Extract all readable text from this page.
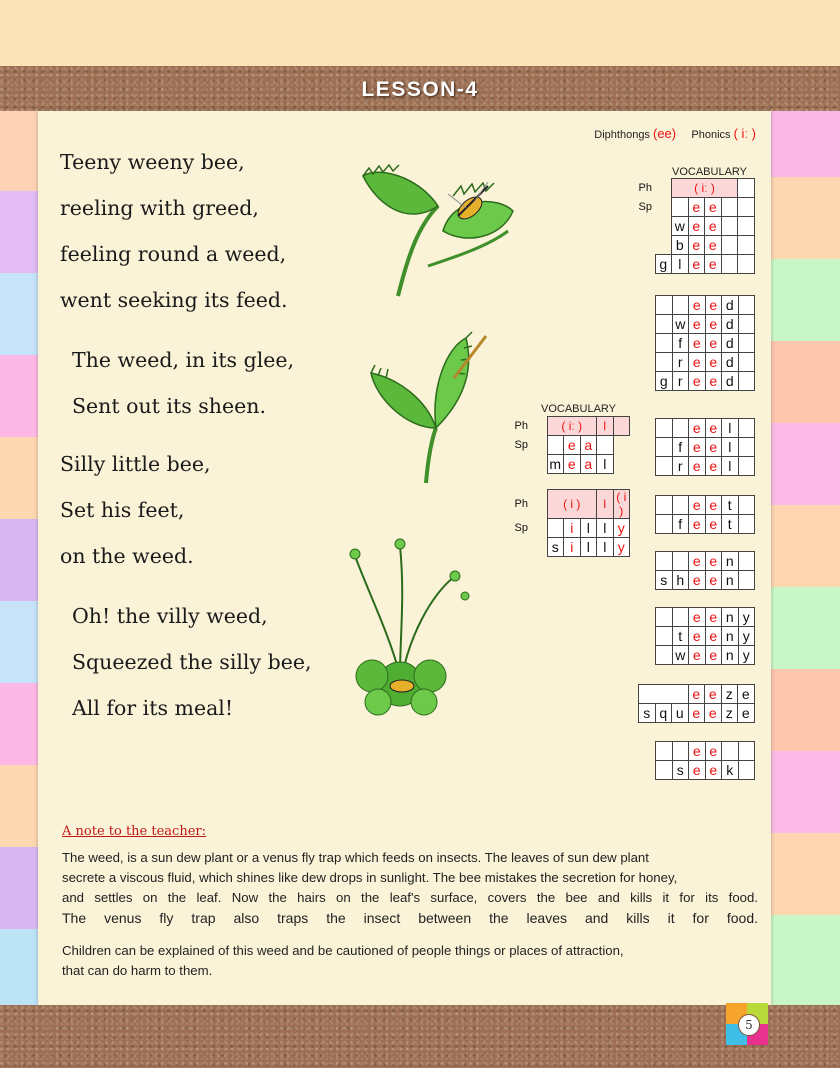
LESSON-4
Diphthongs (ee) Phonics ( iː )
Teeny weeny bee,
reeling with greed,
feeling round a weed,
went seeking its feed.
The weed, in its glee,
Sent out its sheen.
Silly little bee,
Set his feet,
on the weed.
Oh! the villy weed,
Squeezed the silly bee,
All for its meal!
VOCABULARY
Ph		( iː )				
Sp			e	e		
		w	e	e		
		b	e	e		
	g	l	e	e		
		e	e	d	
	w	e	e	d	
	f	e	e	d	
	r	e	e	d	
g	r	e	e	d	
		e	e	l	
	f	e	e	l	
	r	e	e	l	
		e	e	t	
	f	e	e	t	
		e	e	n	
s	h	e	e	n	
		e	e	n	y
	t	e	e	n	y
	w	e	e	n	y
			e	e	z	e
s	q	u	e	e	z	e
		e	e		
	s	e	e	k	
VOCABULARY
Ph		( iː )			l	
Sp			e	a		
		m	e	a	l	
Ph		( i )			l	( i )
Sp			i	l	l	y
		s	i	l	l	y
A note to the teacher:

The weed, is a sun dew plant or a venus fly trap which feeds on insects. The leaves of sun dew plant

secrete a viscous fluid, which shines like dew drops in sunlight. The bee mistakes the secretion for honey,

and settles on the leaf. Now the hairs on the leaf's surface, covers the bee and kills it for its food.

The venus fly trap also traps the insect between the leaves and kills it for food.

Children can be explained of this weed and be cautioned of people things or places of attraction,

that can do harm to them.

5
